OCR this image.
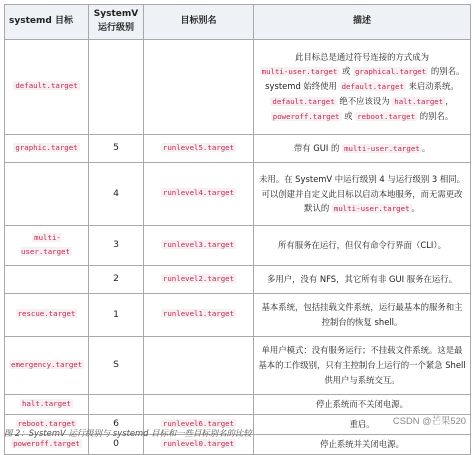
systemd 目标	SystemV 运行级别	目标别名	描述
default.target			此目标总是通过符号连接的方式成为 multi-user.target 或 graphical.target 的别名。systemd 始终使用 default.target 来启动系统。default.target 绝不应该设为 halt.target ，poweroff.target 或 reboot.target 的别名。
graphic.target	5	runlevel5.target	带有 GUI 的 multi-user.target 。
	4	runlevel4.target	未用。在 SystemV 中运行级别 4 与运行级别 3 相同。可以创建并自定义此目标以启动本地服务，而无需更改默认的 multi-user.target 。
multi-user.target	3	runlevel3.target	所有服务在运行，但仅有命令行界面（CLI）。
	2	runlevel2.target	多用户，没有 NFS，其它所有非 GUI 服务在运行。
rescue.target	1	runlevel1.target	基本系统，包括挂载文件系统，运行最基本的服务和主控制台的恢复 shell。
emergency.target	S		单用户模式：没有服务运行；不挂载文件系统。这是最基本的工作级别，只有主控制台上运行的一个紧急 Shell 供用户与系统交互。
halt.target			停止系统而不关闭电源。
reboot.target	6	runlevel6.target	重启。
poweroff.target	0	runlevel0.target	停止系统并关闭电源。
图 2：SystemV 运行级别与 systemd 目标和一些目标别名的比较
CSDN @芒果520
